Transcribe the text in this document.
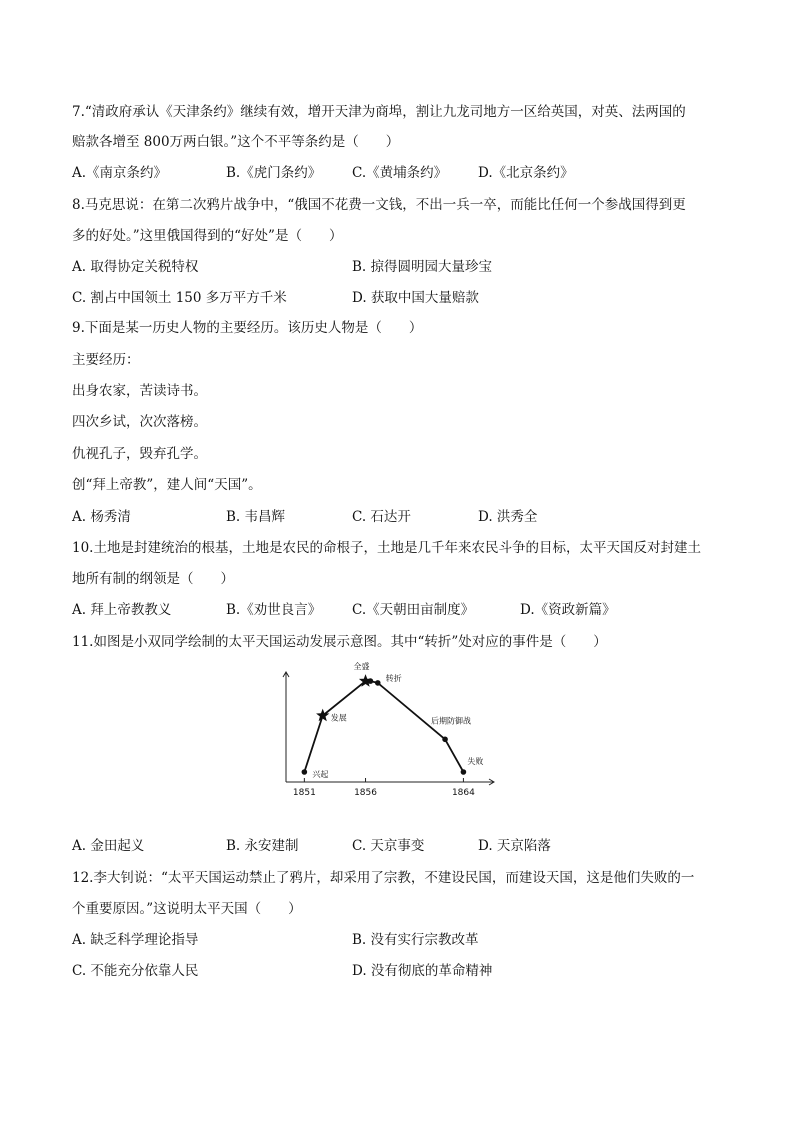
7.“清政府承认《天津条约》继续有效，增开天津为商埠，割让九龙司地方一区给英国，对英、法两国的
赔款各增至 800万两白银。”这个不平等条约是（　　）
A.《南京条约》	B.《虎门条约》 C.《黄埔条约》 D.《北京条约》
8.马克思说：在第二次鸦片战争中，“俄国不花费一文钱，不出一兵一卒，而能比任何一个参战国得到更
多的好处。”这里俄国得到的“好处”是（　　）
A. 取得协定关税特权	B. 掠得圆明园大量珍宝
C. 割占中国领土 150 多万平方千米	D. 获取中国大量赔款
9.下面是某一历史人物的主要经历。该历史人物是（　　）
主要经历：
出身农家，苦读诗书。
四次乡试，次次落榜。
仇视孔子，毁弃孔学。
创“拜上帝教”，建人间“天国”。
A. 杨秀清	B. 韦昌辉	C. 石达开	D. 洪秀全
10.土地是封建统治的根基，土地是农民的命根子，土地是几千年来农民斗争的目标，太平天国反对封建土
地所有制的纲领是（　　）
A. 拜上帝教教义	B.《劝世良言》 C.《天朝田亩制度》	D.《资政新篇》
11.如图是小双同学绘制的太平天国运动发展示意图。其中“转折”处对应的事件是（　　）
1851	1856	1864
兴起
发展
全盛
转折
后期防御战
失败
A. 金田起义	B. 永安建制	C. 天京事变	D. 天京陷落
12.李大钊说：“太平天国运动禁止了鸦片，却采用了宗教，不建设民国，而建设天国，这是他们失败的一
个重要原因。”这说明太平天国（　　）
A. 缺乏科学理论指导	B. 没有实行宗教改革
C. 不能充分依靠人民	D. 没有彻底的革命精神
